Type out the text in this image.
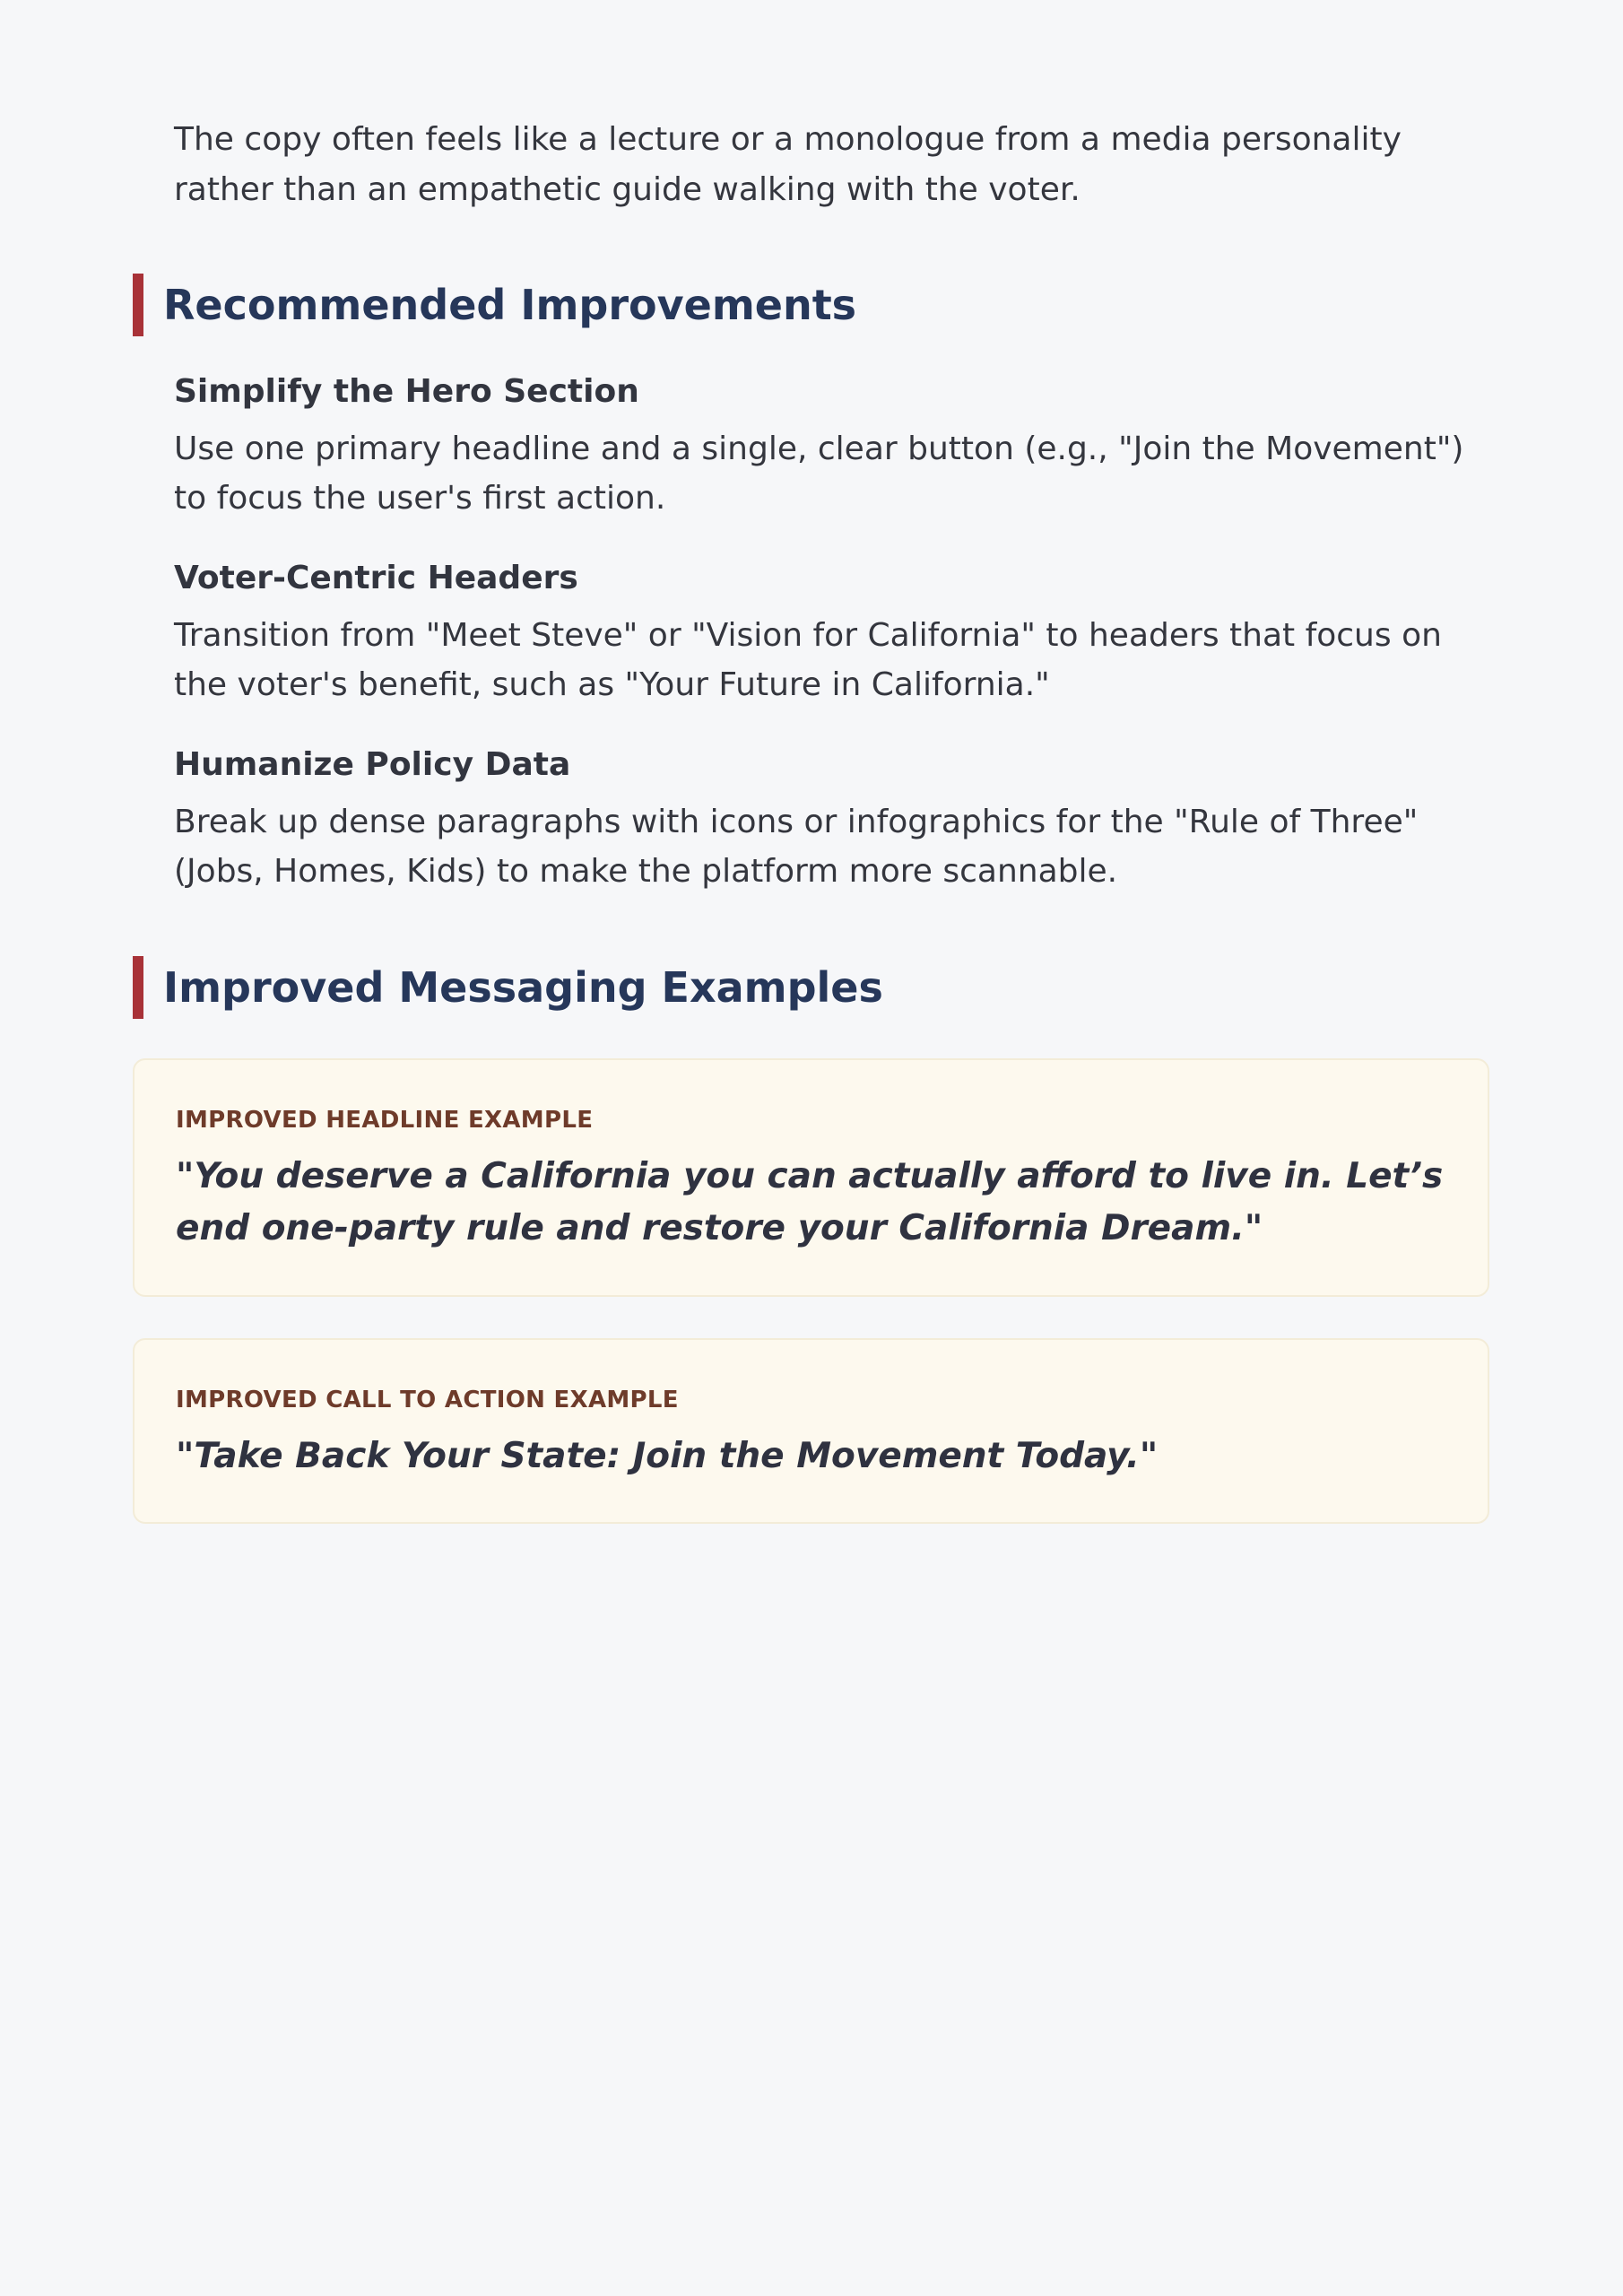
The copy often feels like a lecture or a monologue from a media personality rather than an empathetic guide walking with the voter.

Recommended Improvements
Simplify the Hero Section

Use one primary headline and a single, clear button (e.g., "Join the Movement") to focus the user's first action.

Voter-Centric Headers

Transition from "Meet Steve" or "Vision for California" to headers that focus on the voter's benefit, such as "Your Future in California."

Humanize Policy Data

Break up dense paragraphs with icons or infographics for the "Rule of Three" (Jobs, Homes, Kids) to make the platform more scannable.

Improved Messaging Examples
IMPROVED HEADLINE EXAMPLE
"You deserve a California you can actually afford to live in. Let’s end one-party rule and restore your California Dream."
IMPROVED CALL TO ACTION EXAMPLE
"Take Back Your State: Join the Movement Today."
